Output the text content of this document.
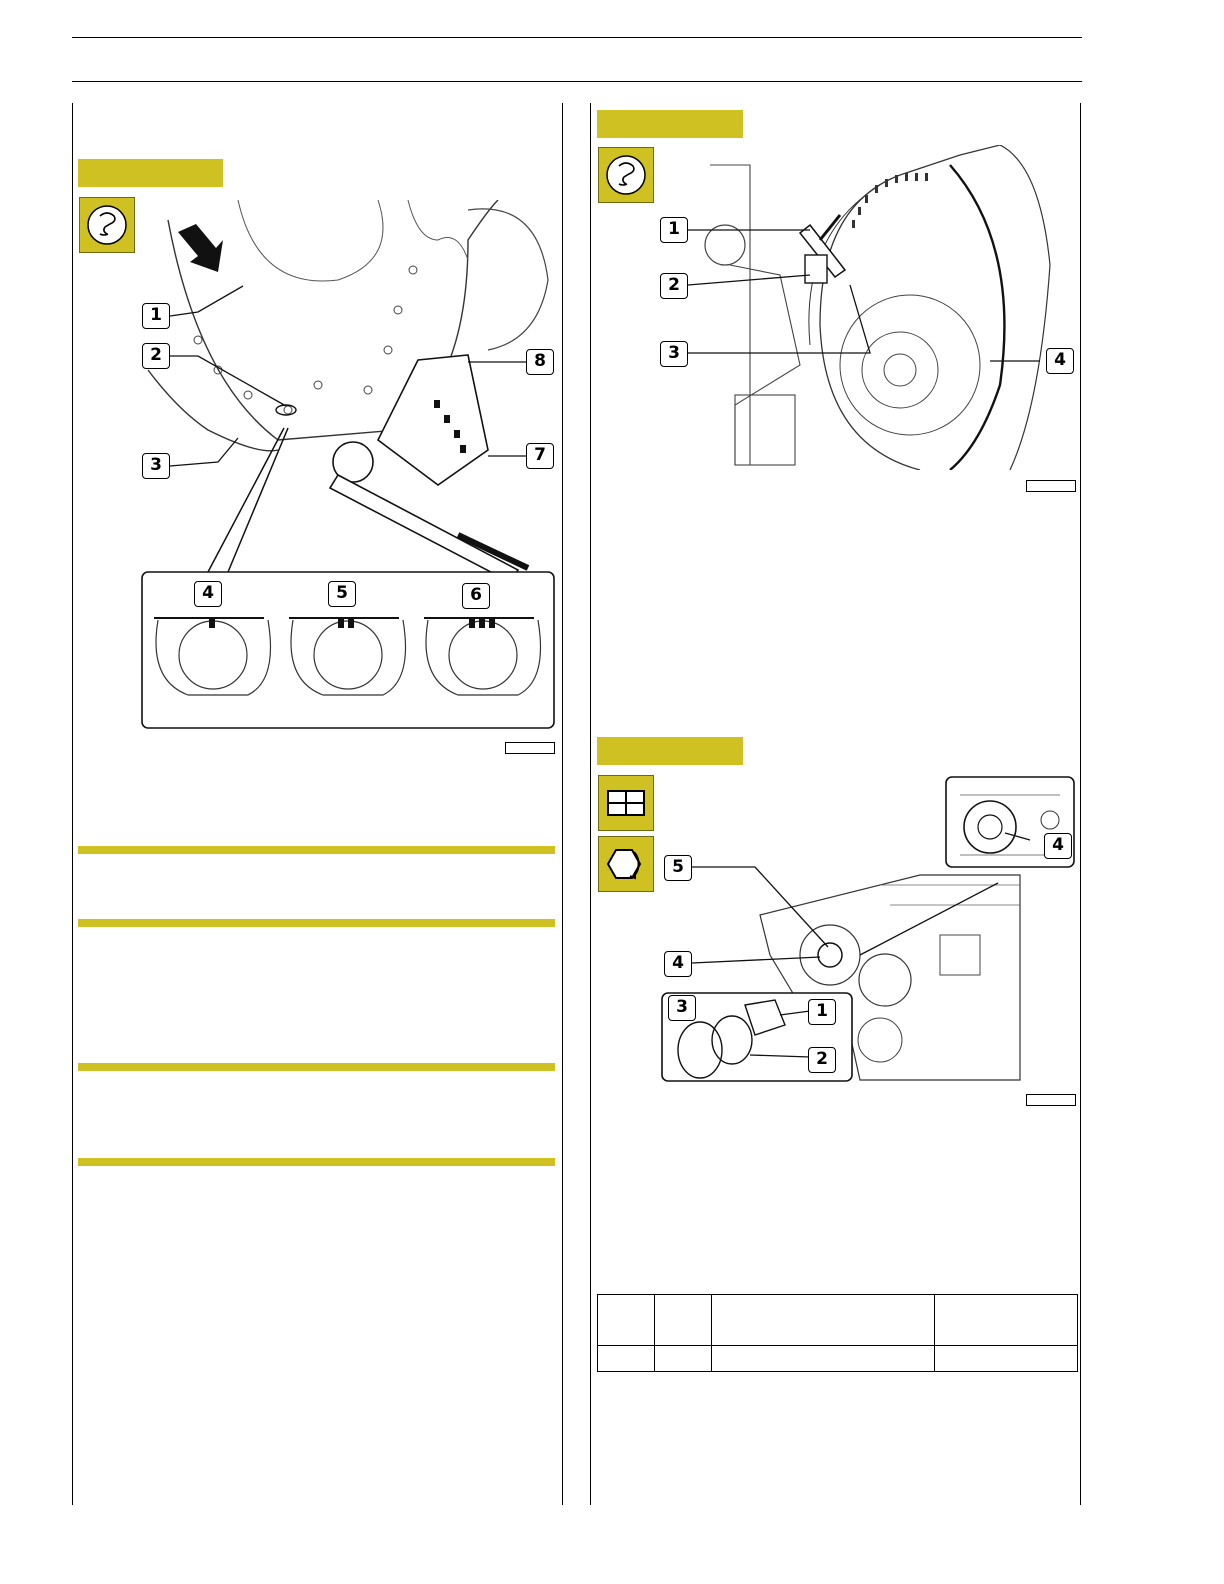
1
2
3
4	5	6
7
8
1
2
3	4
5
4
3	1
2
4
